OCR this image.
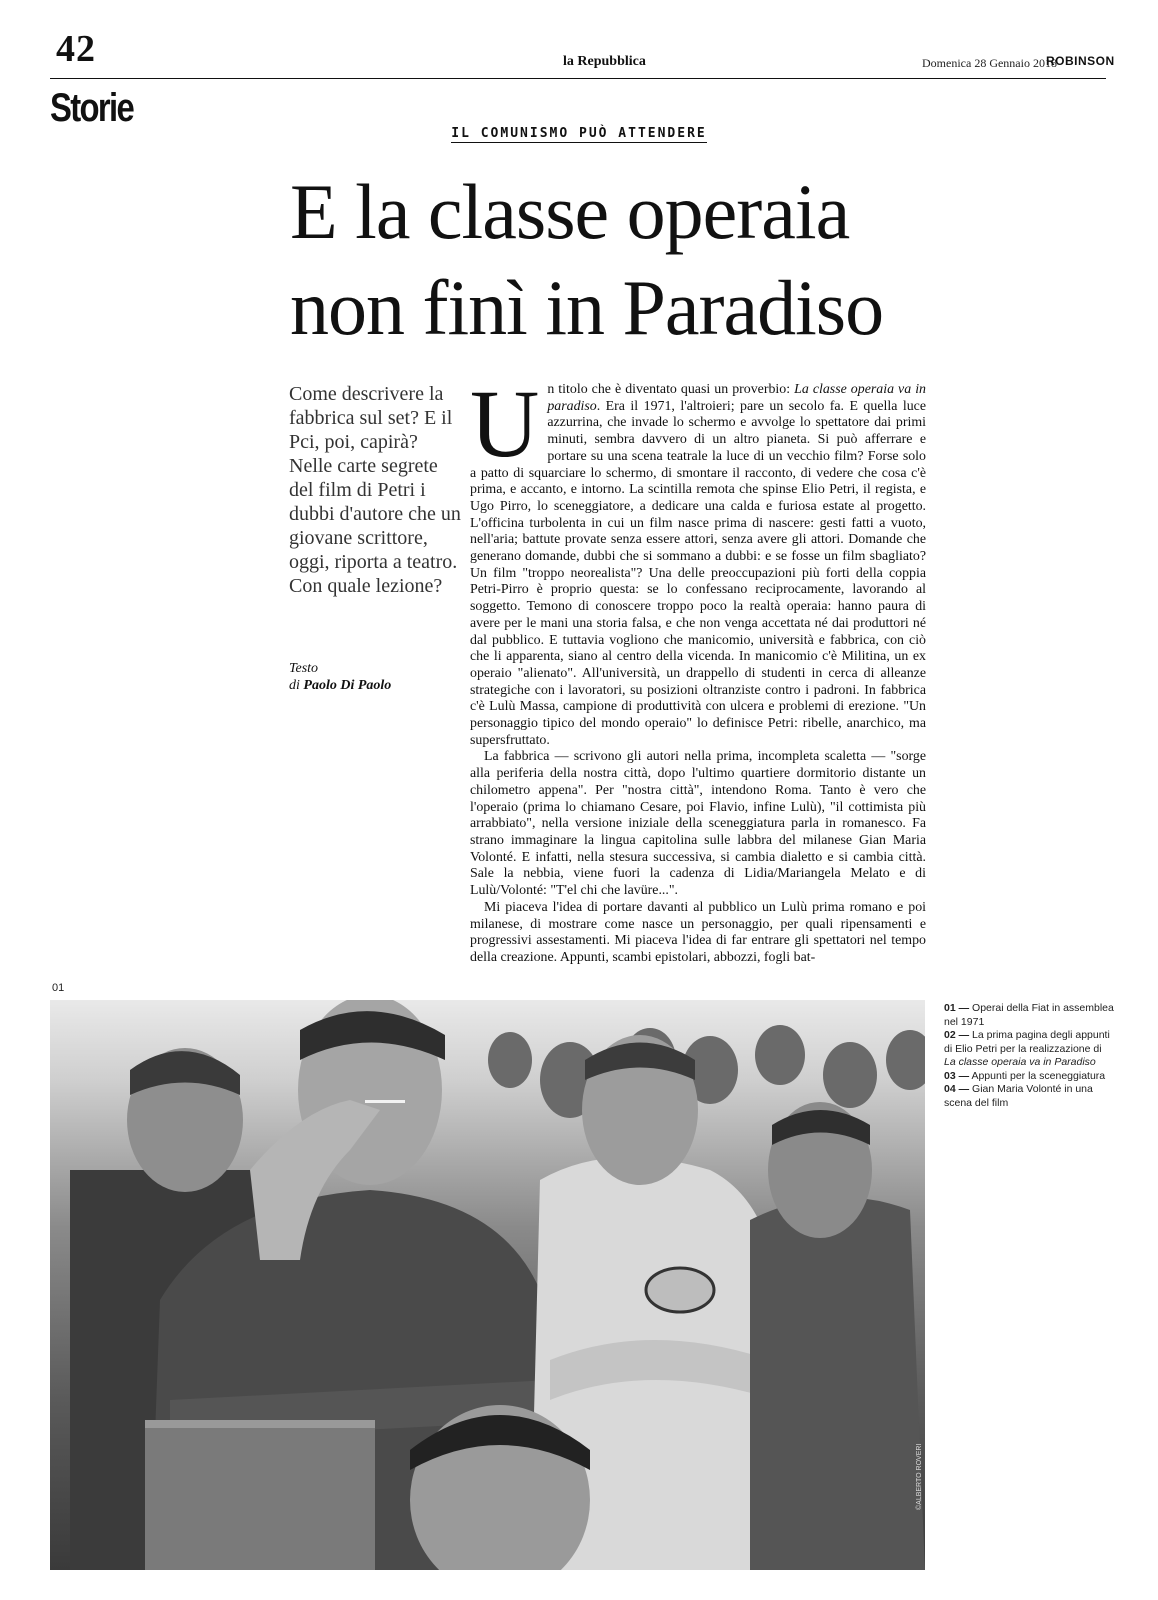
42	la Repubblica	Domenica 28 Gennaio 2018
ROBINSON
Storie
IL COMUNISMO PUÒ ATTENDERE
E la classe operaia
non finì in Paradiso
Come descrivere la fabbrica sul set? E il Pci, poi, capirà? Nelle carte segrete del film di Petri i dubbi d'autore che un giovane scrittore, oggi, riporta a teatro. Con quale lezione?
Testo
di Paolo Di Paolo

Un titolo che è diventato quasi un proverbio: La classe operaia va in paradiso. Era il 1971, l'altroieri; pare un secolo fa. E quella luce azzurrina, che invade lo schermo e avvolge lo spettatore dai primi minuti, sembra davvero di un altro pianeta. Si può afferrare e portare su una scena teatrale la luce di un vecchio film? Forse solo a patto di squarciare lo schermo, di smontare il racconto, di vedere che cosa c'è prima, e accanto, e intorno. La scintilla remota che spinse Elio Petri, il regista, e Ugo Pirro, lo sceneggiatore, a dedicare una calda e furiosa estate al progetto. L'officina turbolenta in cui un film nasce prima di nascere: gesti fatti a vuoto, nell'aria; battute provate senza essere attori, senza avere gli attori. Domande che generano domande, dubbi che si sommano a dubbi: e se fosse un film sbagliato? Un film "troppo neorealista"? Una delle preoccupazioni più forti della coppia Petri-Pirro è proprio questa: se lo confessano reciprocamente, lavorando al soggetto. Temono di conoscere troppo poco la realtà operaia: hanno paura di avere per le mani una storia falsa, e che non venga accettata né dai produttori né dal pubblico. E tuttavia vogliono che manicomio, università e fabbrica, con ciò che li apparenta, siano al centro della vicenda. In manicomio c'è Militina, un ex operaio "alienato". All'università, un drappello di studenti in cerca di alleanze strategiche con i lavoratori, su posizioni oltranziste contro i padroni. In fabbrica c'è Lulù Massa, campione di produttività con ulcera e problemi di erezione. "Un personaggio tipico del mondo operaio" lo definisce Petri: ribelle, anarchico, ma supersfruttato.

La fabbrica — scrivono gli autori nella prima, incompleta scaletta — "sorge alla periferia della nostra città, dopo l'ultimo quartiere dormitorio distante un chilometro appena". Per "nostra città", intendono Roma. Tanto è vero che l'operaio (prima lo chiamano Cesare, poi Flavio, infine Lulù), "il cottimista più arrabbiato", nella versione iniziale della sceneggiatura parla in romanesco. Fa strano immaginare la lingua capitolina sulle labbra del milanese Gian Maria Volonté. E infatti, nella stesura successiva, si cambia dialetto e si cambia città. Sale la nebbia, viene fuori la cadenza di Lidia/Mariangela Melato e di Lulù/Volonté: "T'el chi che lavüre...".

Mi piaceva l'idea di portare davanti al pubblico un Lulù prima romano e poi milanese, di mostrare come nasce un personaggio, per quali ripensamenti e progressivi assestamenti. Mi piaceva l'idea di far entrare gli spettatori nel tempo della creazione. Appunti, scambi epistolari, abbozzi, fogli bat-

01
©ALBERTO ROVERI

01 — Operai della Fiat in assemblea nel 1971

02 — La prima pagina degli appunti di Elio Petri per la realizzazione di La classe operaia va in Paradiso

03 — Appunti per la sceneggiatura

04 — Gian Maria Volonté in una scena del film
